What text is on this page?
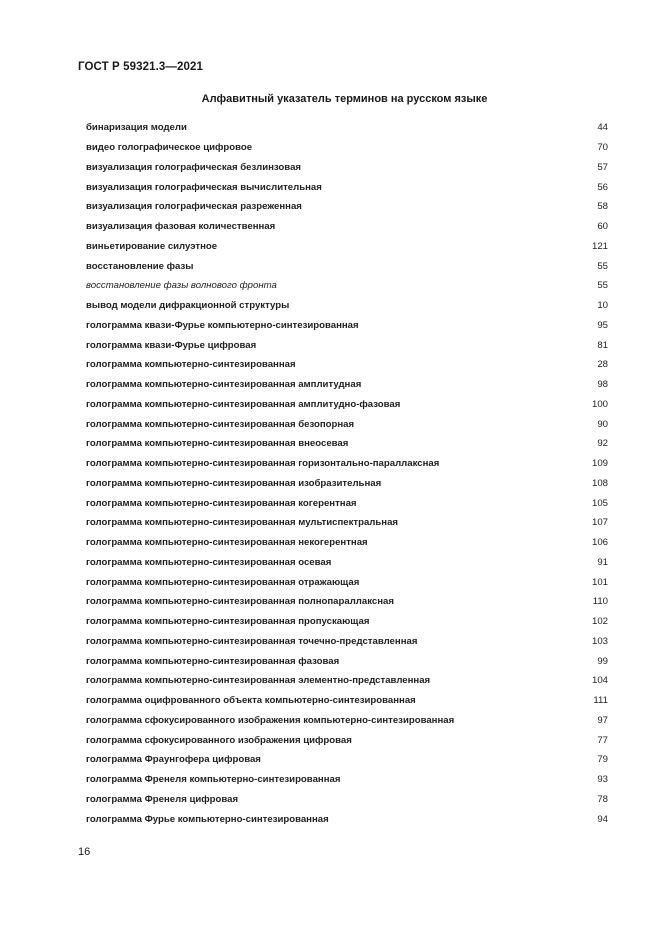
ГОСТ Р 59321.3—2021
Алфавитный указатель терминов на русском языке
бинаризация модели	44
видео голографическое цифровое	70
визуализация голографическая безлинзовая	57
визуализация голографическая вычислительная	56
визуализация голографическая разреженная	58
визуализация фазовая количественная	60
виньетирование силуэтное	121
восстановление фазы	55
восстановление фазы волнового фронта	55
вывод модели дифракционной структуры	10
голограмма квази-Фурье компьютерно-синтезированная	95
голограмма квази-Фурье цифровая	81
голограмма компьютерно-синтезированная	28
голограмма компьютерно-синтезированная амплитудная	98
голограмма компьютерно-синтезированная амплитудно-фазовая	100
голограмма компьютерно-синтезированная безопорная	90
голограмма компьютерно-синтезированная внеосевая	92
голограмма компьютерно-синтезированная горизонтально-параллаксная	109
голограмма компьютерно-синтезированная изобразительная	108
голограмма компьютерно-синтезированная когерентная	105
голограмма компьютерно-синтезированная мультиспектральная	107
голограмма компьютерно-синтезированная некогерентная	106
голограмма компьютерно-синтезированная осевая	91
голограмма компьютерно-синтезированная отражающая	101
голограмма компьютерно-синтезированная полнопараллаксная	110
голограмма компьютерно-синтезированная пропускающая	102
голограмма компьютерно-синтезированная точечно-представленная	103
голограмма компьютерно-синтезированная фазовая	99
голограмма компьютерно-синтезированная элементно-представленная	104
голограмма оцифрованного объекта компьютерно-синтезированная	111
голограмма сфокусированного изображения компьютерно-синтезированная	97
голограмма сфокусированного изображения цифровая	77
голограмма Фраунгофера цифровая	79
голограмма Френеля компьютерно-синтезированная	93
голограмма Френеля цифровая	78
голограмма Фурье компьютерно-синтезированная	94
16
